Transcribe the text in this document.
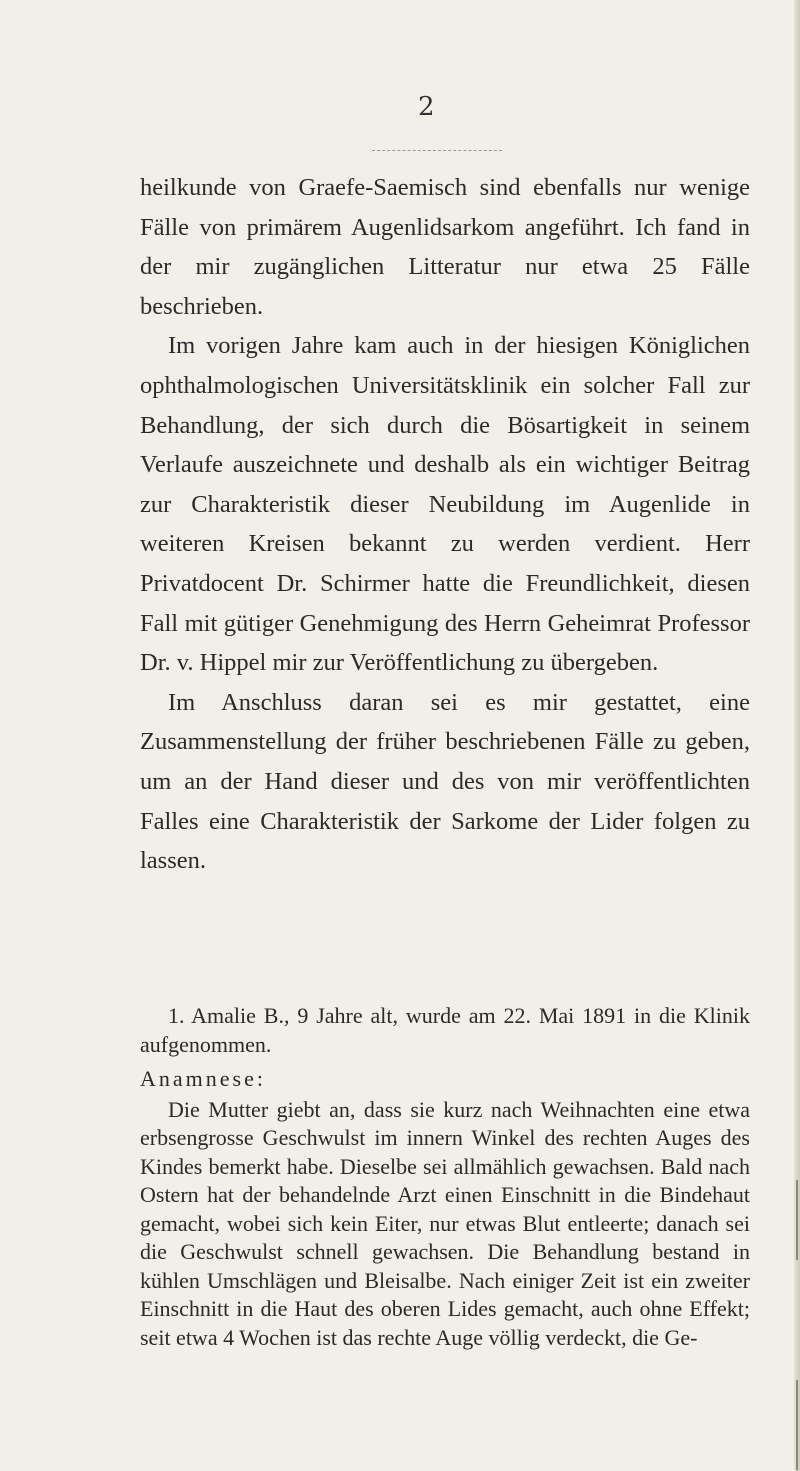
2

heilkunde von Graefe-Saemisch sind ebenfalls nur wenige Fälle von primärem Augenlidsarkom angeführt. Ich fand in der mir zugänglichen Litteratur nur etwa 25 Fälle beschrieben.

Im vorigen Jahre kam auch in der hiesigen Königlichen ophthalmologischen Universitätsklinik ein solcher Fall zur Behandlung, der sich durch die Bösartigkeit in seinem Verlaufe auszeichnete und deshalb als ein wichtiger Beitrag zur Charakteristik dieser Neubildung im Augenlide in weiteren Kreisen bekannt zu werden verdient. Herr Privatdocent Dr. Schirmer hatte die Freundlichkeit, diesen Fall mit gütiger Genehmigung des Herrn Geheimrat Professor Dr. v. Hippel mir zur Veröffentlichung zu übergeben.

Im Anschluss daran sei es mir gestattet, eine Zusammenstellung der früher beschriebenen Fälle zu geben, um an der Hand dieser und des von mir veröffentlichten Falles eine Charakteristik der Sarkome der Lider folgen zu lassen.

1. Amalie B., 9 Jahre alt, wurde am 22. Mai 1891 in die Klinik aufgenommen.

Anamnese:

Die Mutter giebt an, dass sie kurz nach Weihnachten eine etwa erbsengrosse Geschwulst im innern Winkel des rechten Auges des Kindes bemerkt habe. Dieselbe sei allmählich gewachsen. Bald nach Ostern hat der behandelnde Arzt einen Einschnitt in die Bindehaut gemacht, wobei sich kein Eiter, nur etwas Blut entleerte; danach sei die Geschwulst schnell gewachsen. Die Behandlung bestand in kühlen Umschlägen und Bleisalbe. Nach einiger Zeit ist ein zweiter Einschnitt in die Haut des oberen Lides gemacht, auch ohne Effekt; seit etwa 4 Wochen ist das rechte Auge völlig verdeckt, die Ge-
